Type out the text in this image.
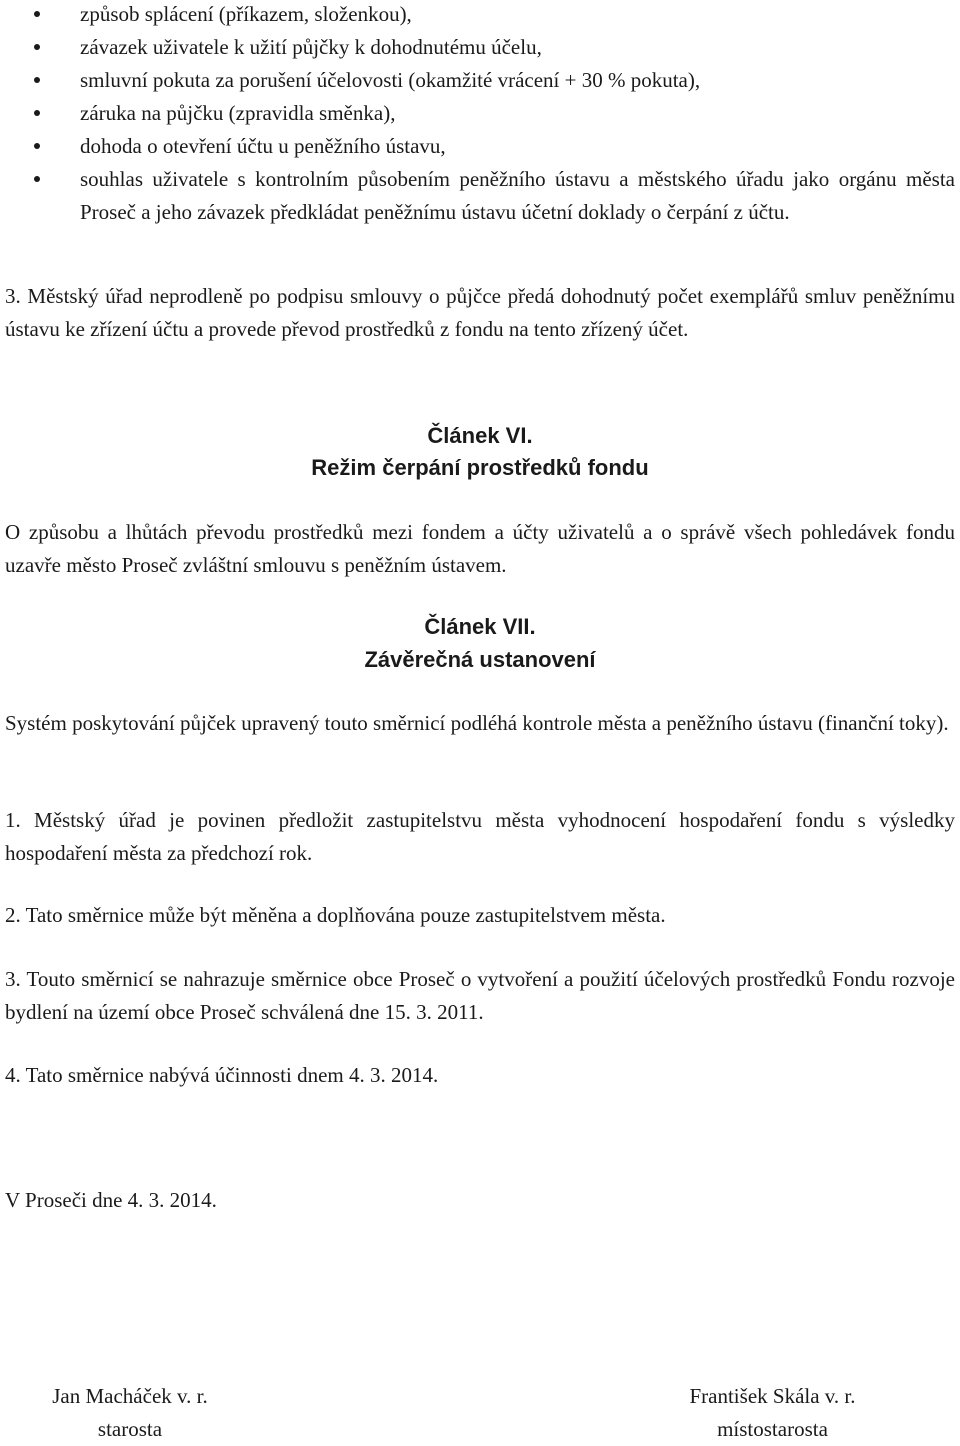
způsob splácení (příkazem, složenkou),
závazek uživatele k užití půjčky k dohodnutému účelu,
smluvní pokuta za porušení účelovosti (okamžité vrácení + 30 % pokuta),
záruka na půjčku (zpravidla směnka),
dohoda o otevření účtu u peněžního ústavu,
souhlas uživatele s kontrolním působením peněžního ústavu a městského úřadu jako orgánu města Proseč a jeho závazek předkládat peněžnímu ústavu účetní doklady o čerpání z účtu.

3. Městský úřad neprodleně po podpisu smlouvy o půjčce předá dohodnutý počet exemplářů smluv peněžnímu ústavu ke zřízení účtu a provede převod prostředků z fondu na tento zřízený účet.

Článek VI.
Režim čerpání prostředků fondu

O způsobu a lhůtách převodu prostředků mezi fondem a účty uživatelů a o správě všech pohledávek fondu uzavře město Proseč zvláštní smlouvu s peněžním ústavem.

Článek VII.
Závěrečná ustanovení

Systém poskytování půjček upravený touto směrnicí podléhá kontrole města a peněžního ústavu (finanční toky).

1. Městský úřad je povinen předložit zastupitelstvu města vyhodnocení hospodaření fondu s výsledky hospodaření města za předchozí rok.

2. Tato směrnice může být měněna a doplňována pouze zastupitelstvem města.

3. Touto směrnicí se nahrazuje směrnice obce Proseč o vytvoření a použití účelových prostředků Fondu rozvoje bydlení na území obce Proseč schválená dne 15. 3. 2011.

4. Tato směrnice nabývá účinnosti dnem 4. 3. 2014.

V Proseči dne 4. 3. 2014.

Jan Macháček v. r.
starosta
František Skála v. r.
místostarosta
